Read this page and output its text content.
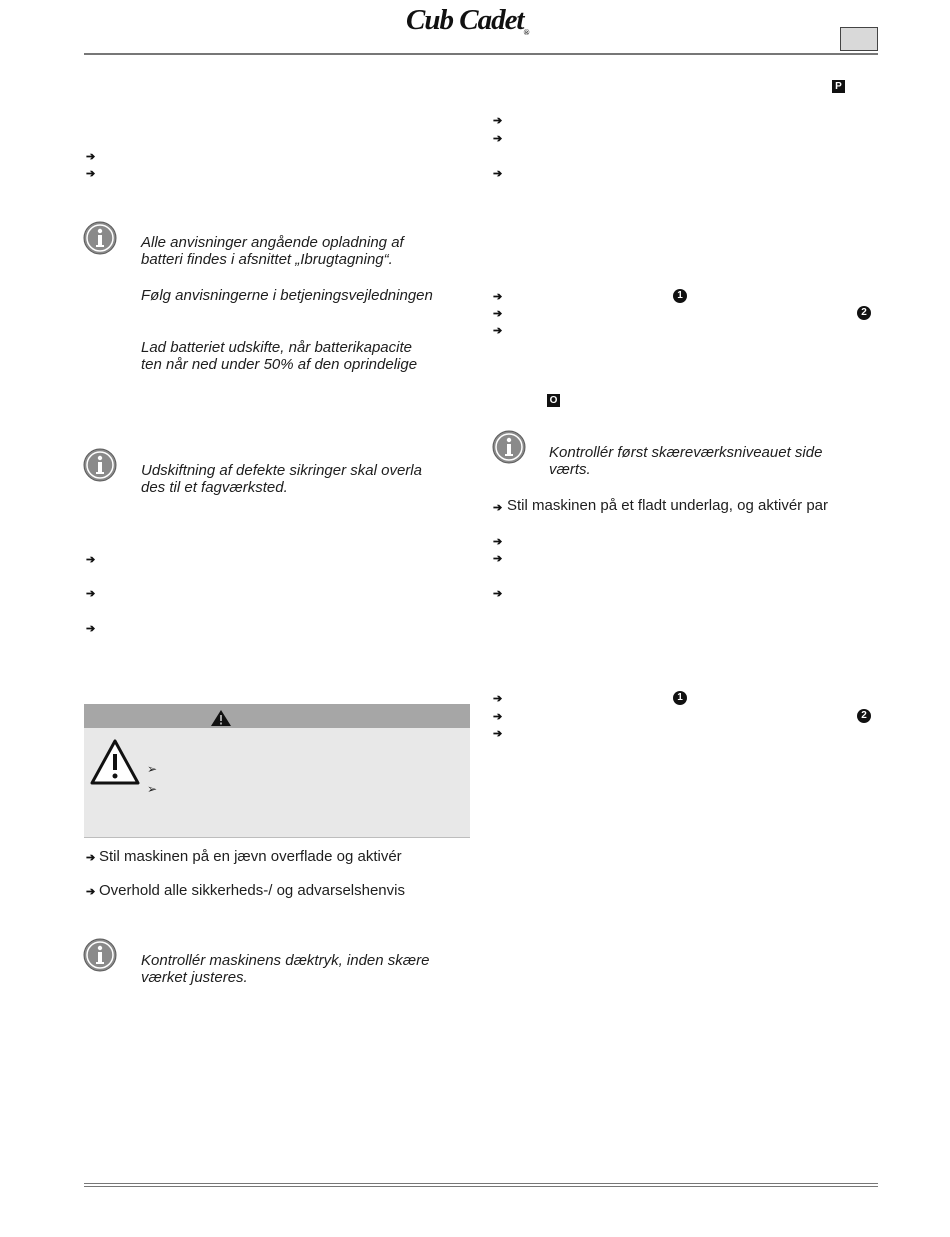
Cub Cadet®
P
➔
➔
Alle anvisninger angående opladning af
batteri findes i afsnittet „Ibrugtagning“.
Følg anvisningerne i betjeningsvejledningen
Lad batteriet udskifte, når batterikapacite
ten når ned under 50% af den oprindelige
Udskiftning af defekte sikringer skal overla
des til et fagværksted.
➔
➔
➔
➢
➢
➔ Stil maskinen på en jævn overflade og aktivér
➔ Overhold alle sikkerheds-/ og advarselshenvis
Kontrollér maskinens dæktryk, inden skære
værket justeres.
➔
➔
➔
➔	1
➔	2
➔
O
Kontrollér først skæreværksniveauet side
værts.
➔ Stil maskinen på et fladt underlag, og aktivér par
➔
➔
➔
➔	1
➔	2
➔
